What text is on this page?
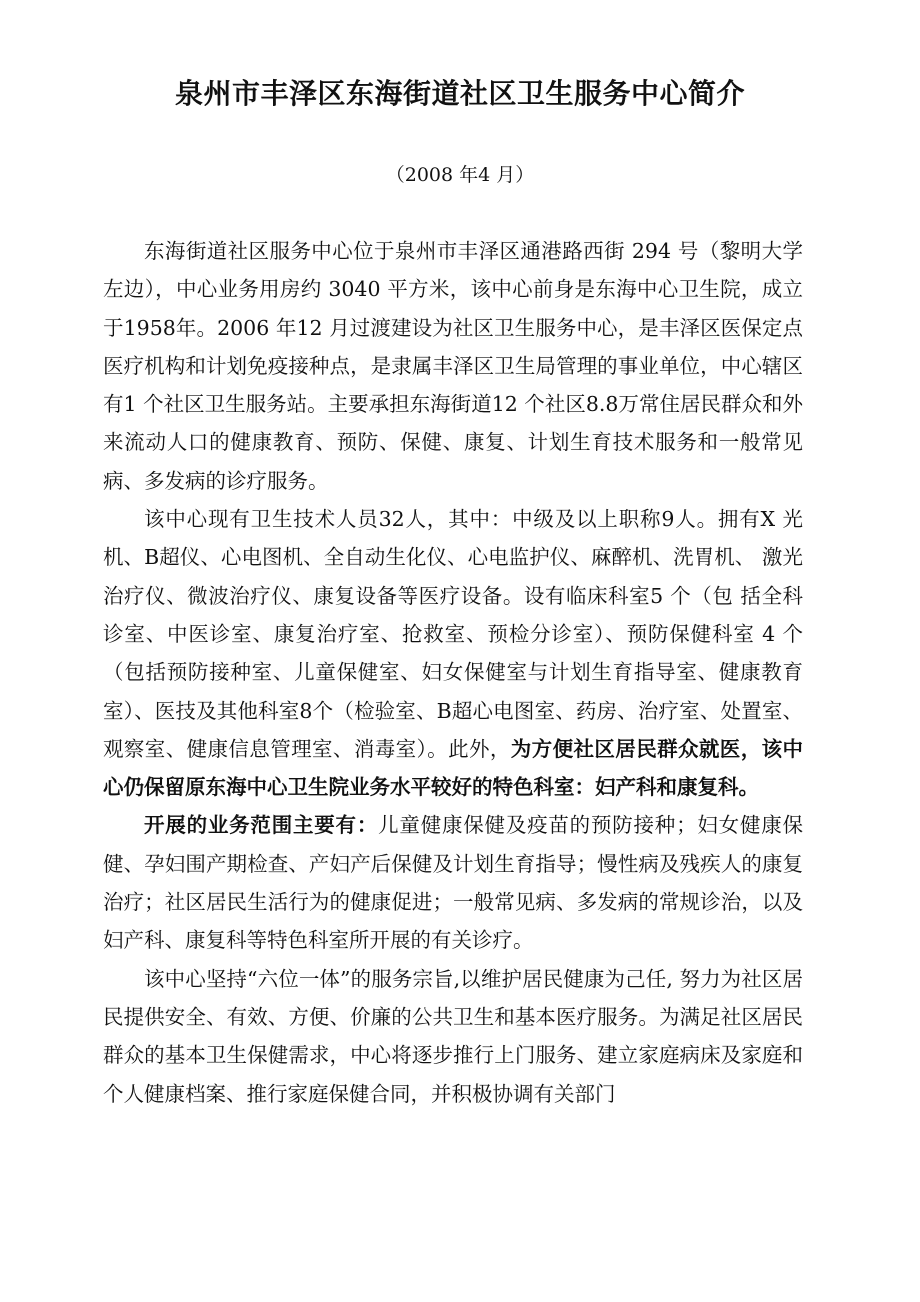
泉州市丰泽区东海街道社区卫生服务中心简介
（2008 年4 月）

东海街道社区服务中心位于泉州市丰泽区通港路西街 294 号（黎明大学左边），中心业务用房约 3040 平方米，该中心前身是东海中心卫生院，成立于1958年。2006 年12 月过渡建设为社区卫生服务中心，是丰泽区医保定点医疗机构和计划免疫接种点，是隶属丰泽区卫生局管理的事业单位，中心辖区有1 个社区卫生服务站。主要承担东海街道12 个社区8.8万常住居民群众和外来流动人口的健康教育、预防、保健、康复、计划生育技术服务和一般常见病、多发病的诊疗服务。

该中心现有卫生技术人员32人，其中：中级及以上职称9人。拥有X 光机、B超仪、心电图机、全自动生化仪、心电监护仪、麻醉机、洗胃机、 激光治疗仪、微波治疗仪、康复设备等医疗设备。设有临床科室5 个（包 括全科诊室、中医诊室、康复治疗室、抢救室、预检分诊室）、预防保健科室 4 个（包括预防接种室、儿童保健室、妇女保健室与计划生育指导室、健康教育室）、医技及其他科室8个（检验室、B超心电图室、药房、治疗室、处置室、观察室、健康信息管理室、消毒室）。此外，为方便社区居民群众就医，该中心仍保留原东海中心卫生院业务水平较好的特色科室：妇产科和康复科。

开展的业务范围主要有：儿童健康保健及疫苗的预防接种；妇女健康保健、孕妇围产期检查、产妇产后保健及计划生育指导；慢性病及残疾人的康复治疗；社区居民生活行为的健康促进；一般常见病、多发病的常规诊治，以及妇产科、康复科等特色科室所开展的有关诊疗。

该中心坚持“六位一体”的服务宗旨,以维护居民健康为己任, 努力为社区居民提供安全、有效、方便、价廉的公共卫生和基本医疗服务。为满足社区居民群众的基本卫生保健需求，中心将逐步推行上门服务、建立家庭病床及家庭和个人健康档案、推行家庭保健合同，并积极协调有关部门
